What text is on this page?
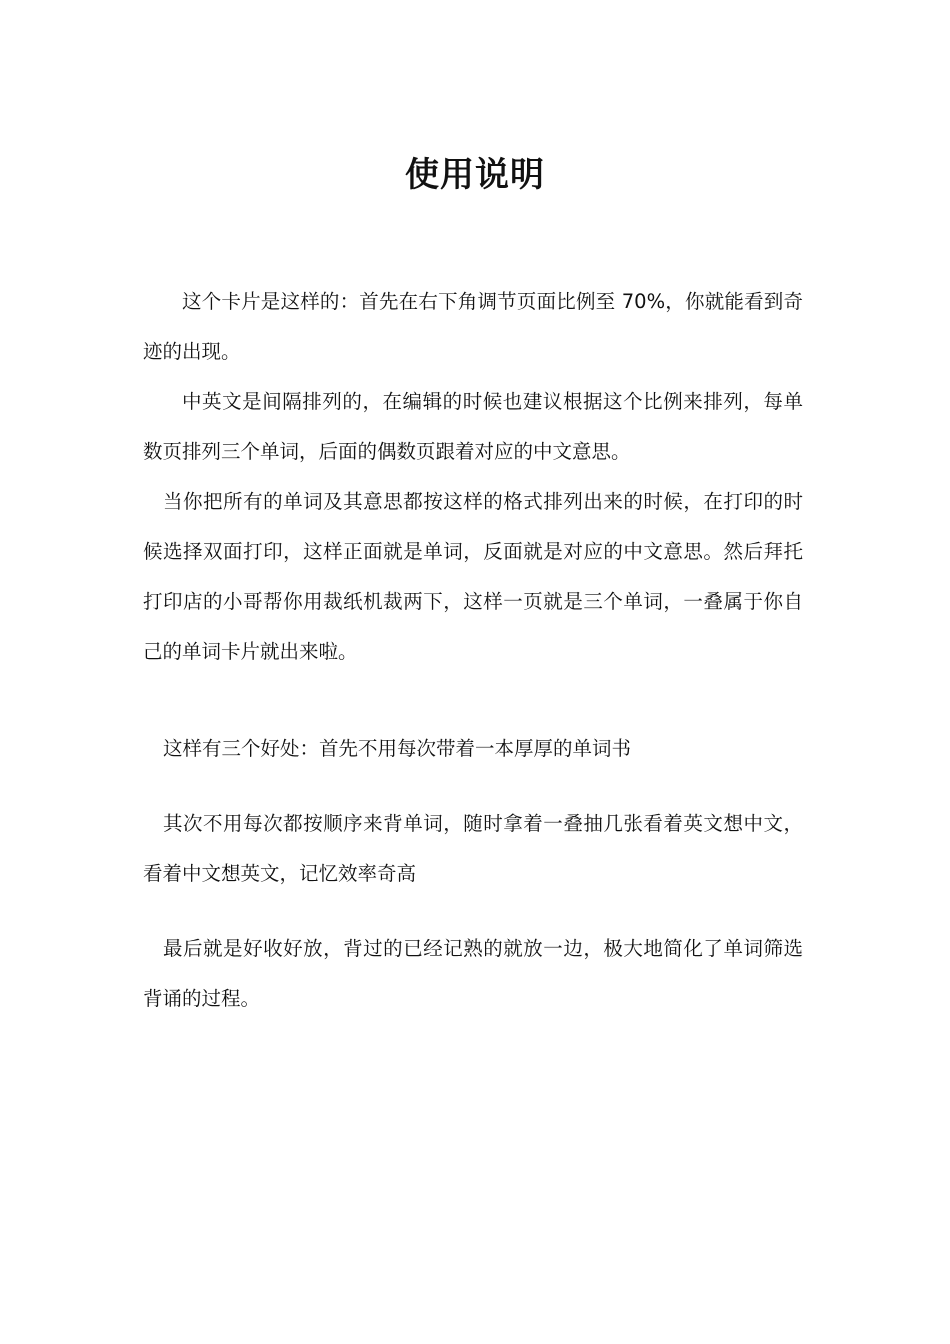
使用说明

这个卡片是这样的：首先在右下角调节页面比例至 70%，你就能看到奇迹的出现。

中英文是间隔排列的，在编辑的时候也建议根据这个比例来排列，每单数页排列三个单词，后面的偶数页跟着对应的中文意思。

当你把所有的单词及其意思都按这样的格式排列出来的时候，在打印的时候选择双面打印，这样正面就是单词，反面就是对应的中文意思。然后拜托打印店的小哥帮你用裁纸机裁两下，这样一页就是三个单词，一叠属于你自己的单词卡片就出来啦。

这样有三个好处：首先不用每次带着一本厚厚的单词书

其次不用每次都按顺序来背单词，随时拿着一叠抽几张看着英文想中文，看着中文想英文，记忆效率奇高

最后就是好收好放，背过的已经记熟的就放一边，极大地简化了单词筛选背诵的过程。
